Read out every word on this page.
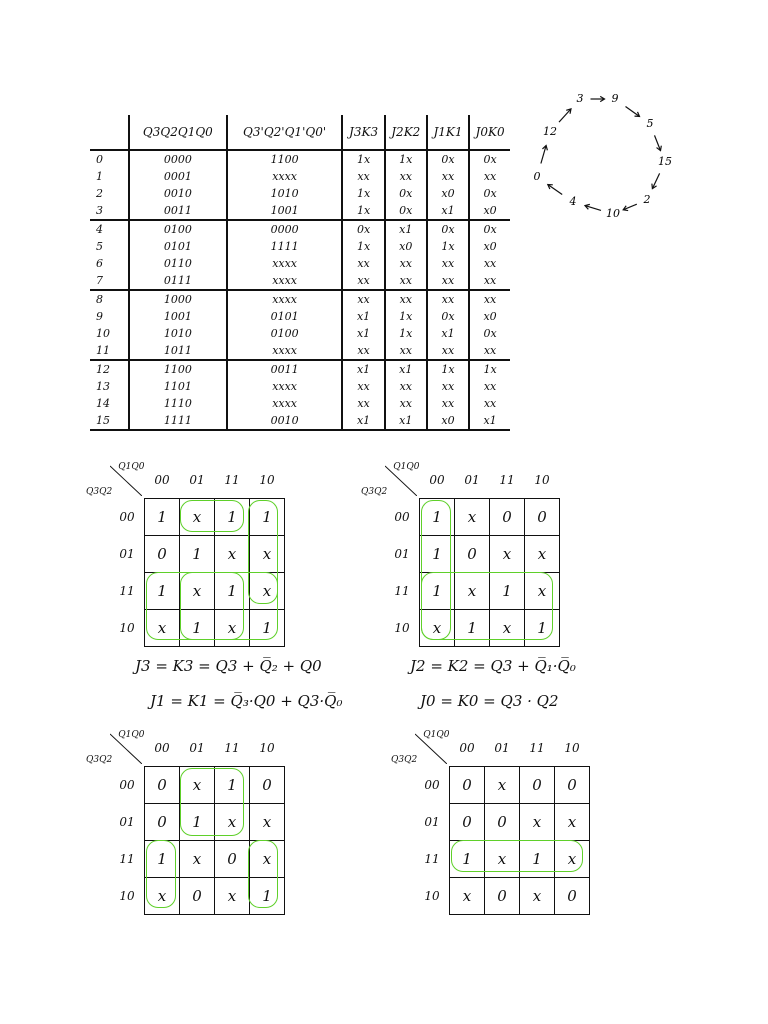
	Q3Q2Q1Q0	Q3'Q2'Q1'Q0'	J3K3	J2K2	J1K1	J0K0
0	0000	1100	1x	1x	0x	0x
1	0001	xxxx	xx	xx	xx	xx
2	0010	1010	1x	0x	x0	0x
3	0011	1001	1x	0x	x1	x0
4	0100	0000	0x	x1	0x	0x
5	0101	1111	1x	x0	1x	x0
6	0110	xxxx	xx	xx	xx	xx
7	0111	xxxx	xx	xx	xx	xx
8	1000	xxxx	xx	xx	xx	xx
9	1001	0101	x1	1x	0x	x0
10	1010	0100	x1	1x	x1	0x
11	1011	xxxx	xx	xx	xx	xx
12	1100	0011	x1	x1	1x	1x
13	1101	xxxx	xx	xx	xx	xx
14	1110	xxxx	xx	xx	xx	xx
15	1111	0010	x1	x1	x0	x1
3	9
5
15
2
10
4
0
12
Q1Q0
Q3Q2	00	01	11	10
00	1	x	1	1
01	0	1	x	x
11	1	x	1	x
10	x	1	x	1
Q1Q0
Q3Q2	00	01	11	10
00	1	x	0	0
01	1	0	x	x
11	1	x	1	x
10	x	1	x	1
Q1Q0
Q3Q2	00	01	11	10
00	0	x	1	0
01	0	1	x	x
11	1	x	0	x
10	x	0	x	1
Q1Q0
Q3Q2	00	01	11	10
00	0	x	0	0
01	0	0	x	x
11	1	x	1	x
10	x	0	x	0
J3 = K3 = Q3 + Q̅₂ + Q0	J2 = K2 = Q3 + Q̅₁·Q̅₀
J1 = K1 = Q̅₃·Q0 + Q3·Q̅₀	J0 = K0 = Q3 · Q2
